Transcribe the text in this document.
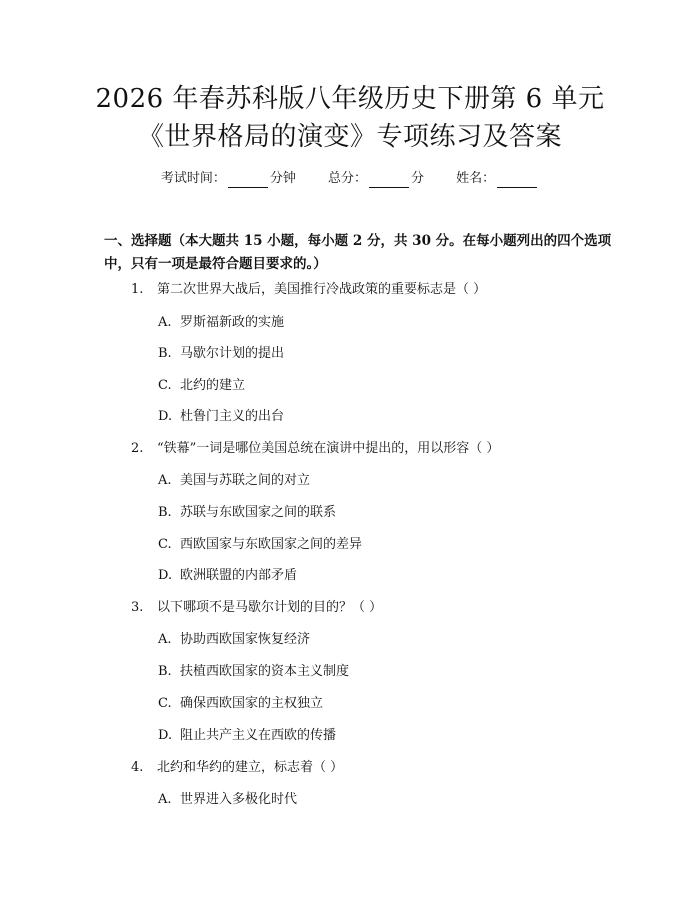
2026 年春苏科版八年级历史下册第 6 单元
《世界格局的演变》专项练习及答案
考试时间：	分钟 总分：	分 姓名：
一、选择题（本大题共 15 小题，每小题 2 分，共 30 分。在每小题列出的四个选项中，只有一项是最符合题目要求的。）
1. 第二次世界大战后，美国推行冷战政策的重要标志是（ ）
A. 罗斯福新政的实施
B. 马歇尔计划的提出
C. 北约的建立
D. 杜鲁门主义的出台
2. “铁幕”一词是哪位美国总统在演讲中提出的，用以形容（ ）
A. 美国与苏联之间的对立
B. 苏联与东欧国家之间的联系
C. 西欧国家与东欧国家之间的差异
D. 欧洲联盟的内部矛盾
3. 以下哪项不是马歇尔计划的目的？（ ）
A. 协助西欧国家恢复经济
B. 扶植西欧国家的资本主义制度
C. 确保西欧国家的主权独立
D. 阻止共产主义在西欧的传播
4. 北约和华约的建立，标志着（ ）
A. 世界进入多极化时代
